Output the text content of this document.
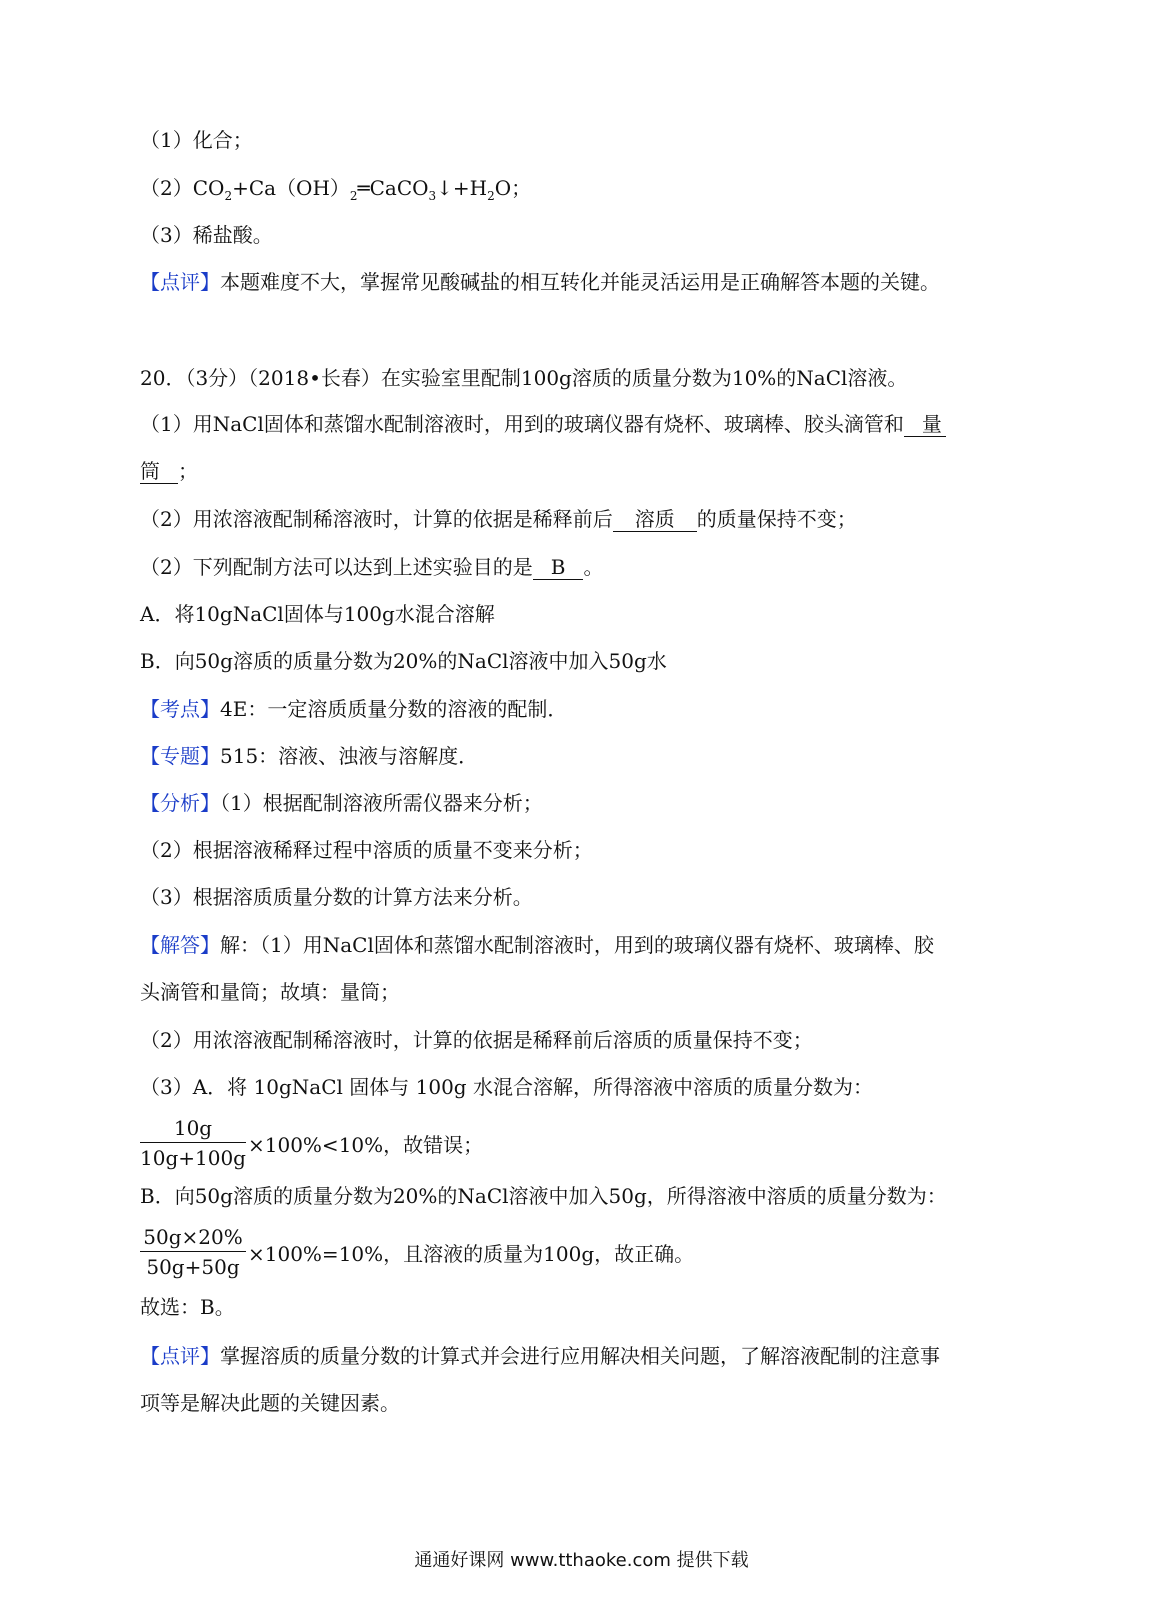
（1）化合；
$(2)CO_2+Ca(OH)_2═CaCO_3↓+H_2O$；
（3）稀盐酸。
【点评】本题难度不大，掌握常见酸碱盐的相互转化并能灵活运用是正确解答本题的关键。
20．（3分）（2018•长春）在实验室里配制100g溶质的质量分数为10%的NaCl溶液。
（1）用NaCl固体和蒸馏水配制溶液时，用到的玻璃仪器有烧杯、玻璃棒、胶头滴管和 量
筒 ；
（2）用浓溶液配制稀溶液时，计算的依据是稀释前后 溶质 的质量保持不变；
（2）下列配制方法可以达到上述实验目的是 B 。
A．将10gNaCl固体与100g水混合溶解
B．向50g溶质的质量分数为20%的NaCl溶液中加入50g水
【考点】4E：一定溶质质量分数的溶液的配制．
【专题】515：溶液、浊液与溶解度．
【分析】（1）根据配制溶液所需仪器来分析；
（2）根据溶液稀释过程中溶质的质量不变来分析；
（3）根据溶质质量分数的计算方法来分析。
【解答】解：（1）用NaCl固体和蒸馏水配制溶液时，用到的玻璃仪器有烧杯、玻璃棒、胶
头滴管和量筒；故填：量筒；
（2）用浓溶液配制稀溶液时，计算的依据是稀释前后溶质的质量保持不变；
（3）A．将 10gNaCl 固体与 100g 水混合溶解，所得溶液中溶质的质量分数为：
10g
10g+100g
×100%<10%，故错误；
B．向50g溶质的质量分数为20%的NaCl溶液中加入50g，所得溶液中溶质的质量分数为：
50g×20%
50g+50g
×100%=10%，且溶液的质量为100g，故正确。
故选：B。
【点评】掌握溶质的质量分数的计算式并会进行应用解决相关问题，了解溶液配制的注意事
项等是解决此题的关键因素。
通通好课网 www.tthaoke.com 提供下载
